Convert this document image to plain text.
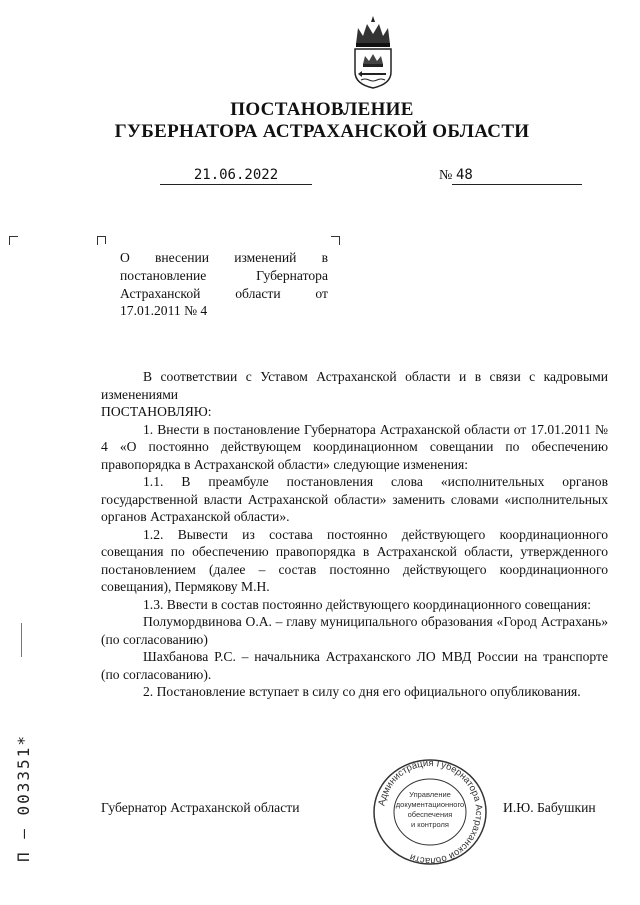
ПОСТАНОВЛЕНИЕ
ГУБЕРНАТОРА АСТРАХАНСКОЙ ОБЛАСТИ
21.06.2022	№ 48
О внесении изменений в постановление Губернатора Астраханской области от 17.01.2011 № 4

В соответствии с Уставом Астраханской области и в связи с кадровыми изменениями

ПОСТАНОВЛЯЮ:

1. Внести в постановление Губернатора Астраханской области от 17.01.2011 № 4 «О постоянно действующем координационном совещании по обеспечению правопорядка в Астраханской области» следующие изменения:

1.1. В преамбуле постановления слова «исполнительных органов государственной власти Астраханской области» заменить словами «исполнительных органов Астраханской области».

1.2. Вывести из состава постоянно действующего координационного совещания по обеспечению правопорядка в Астраханской области, утвержденного постановлением (далее – состав постоянно действующего координационного совещания), Пермякову М.Н.

1.3. Ввести в состав постоянно действующего координационного совещания:

Полумордвинова О.А. – главу муниципального образования «Город Астрахань» (по согласованию)

Шахбанова Р.С. – начальника Астраханского ЛО МВД России на транспорте (по согласованию).

2. Постановление вступает в силу со дня его официального опубликования.

Губернатор Астраханской области	И.Ю. Бабушкин
Администрация Губернатора Астраханской области
Управление
документационного
обеспечения
и контроля
П – 003351*
